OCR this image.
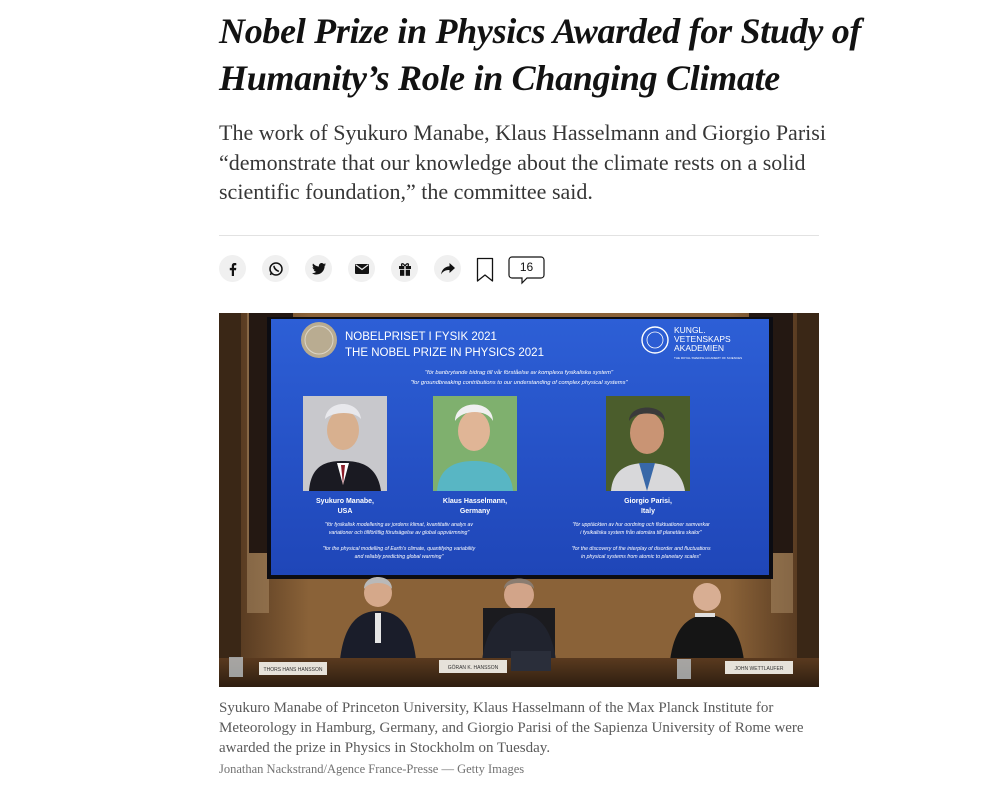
Nobel Prize in Physics Awarded for Study of Humanity’s Role in Changing Climate

The work of Syukuro Manabe, Klaus Hasselmann and Giorgio Parisi “demonstrate that our knowledge about the climate rests on a solid scientific foundation,” the committee said.

16
NOBELPRISET I FYSIK 2021
THE NOBEL PRIZE IN PHYSICS 2021
KUNGL.
VETENSKAPS
AKADEMIEN
THE ROYAL SWEDISH ACADEMY OF SCIENCES
"för banbrytande bidrag till vår förståelse av komplexa fysikaliska system"
"for groundbreaking contributions to our understanding of complex physical systems"
Syukuro Manabe,
USA
Klaus Hasselmann,
Germany
Giorgio Parisi,
Italy
"för fysikalisk modellering av jordens klimat, kvantitativ analys av
variationer och tillförlitlig förutsägelse av global uppvärmning"
"for the physical modelling of Earth's climate, quantifying variability
and reliably predicting global warming"
"för upptäckten av hur oordning och fluktuationer samverkar
i fysikaliska system från atomära till planetära skalor"
"for the discovery of the interplay of disorder and fluctuations
in physical systems from atomic to planetary scales"
THORS HANS HANSSON	GÖRAN K. HANSSON	JOHN WETTLAUFER

Syukuro Manabe of Princeton University, Klaus Hasselmann of the Max Planck Institute for Meteorology in Hamburg, Germany, and Giorgio Parisi of the Sapienza University of Rome were awarded the prize in Physics in Stockholm on Tuesday.

Jonathan Nackstrand/Agence France-Presse — Getty Images
